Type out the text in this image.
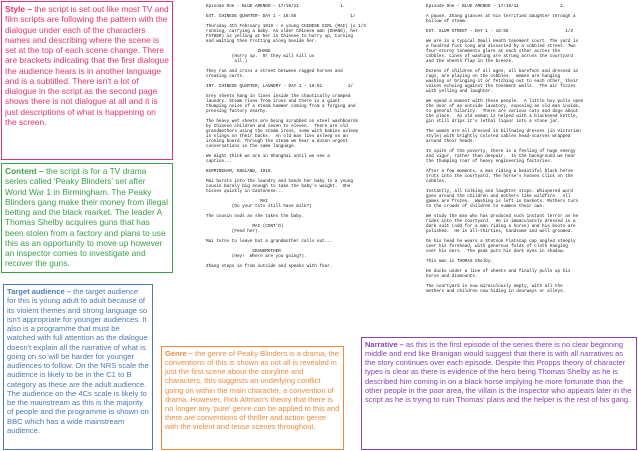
Episode One - BLUE AMENDO - 17/10/11                1.
EXT. CHINESE QUARTER- DAY 1 - 16:55                     1/

Thursday 4th February 1919 - A young CHINESE GIRL (MAI) (c 1/3
running, carrying a baby. An older Chinese man (ZHANG), her
FATHER) is yelling at her in Chinese to hurry up, turning
and waiting then trotting along beside her.

ZHANG
(Hurry up.  Or they will kill us
all.)

They run and cross a street between ragged horses and
creaking carts.

INT. CHINESE QUARTER, LAUNDRY - DAY 1 - 16:51          1/

Grey sheets hang in lines inside the chaotically cramped
laundry. Steam rises from irons and there is a giant
thumping noise of a steam hammer coming from a forging and
pressing factory nearby.

The heavy wet sheets are being scrubbed on steel washboards
by Chinese children and seven to eleven.  There are old
grandmothers using the steam irons, some with babies asleep
in slings on their backs.  An old man lies asleep on an
ironing board. Through the steam we hear a dozen urgent
conversations in the same language.

We might think we are in Shanghai until we see a
caption...

BIRMINGHAM, ENGLAND, 1919.

Mai bursts into the laundry and hands her baby to a young
cousin barely big enough to take the baby's weight.  She
hisses quickly in Cantonese...

MAI
(Do your tits still have milk?)

The cousin nods as she takes the baby.

MAI (CONT'D)
(Feed her).

Mai turns to leave but a grandmother calls out...

GRANDMOTHER
(Hey!  Where are you going?).

Zhang steps in from outside and speaks with fear.
Episode One - BLUE AMENDO - 17/10/11                2.
A pause. Zhang glances at his terrified daughter through a
billow of steam.

EXT. SLUM STREET - DAY 1 - 16:55                      1/3

We are in a typical Small Heath tenement court. The yard is
a hundred foot long and dissected by a cobbled street. Two
four-storey tenements glare at each other across the
cobbles. Lines of washing are strung across the courtyard
and the sheets flap in the breeze.

Dozens of children of all ages, all barefoot and dressed in
rags, are playing on the cobbles.  Women are hanging
washing or bringing it or fetching out to each other, their
voices echoing against the tenement walls.  The air fizzes
with yelling and laughter.

We spend a moment with these people.  A little boy pulls open
the door of an outside lavatory, exposing an old man inside,
to general hilarity.  There are various cats and dogs about
the place.  An old woman is helped with a blackened kettle,
gin still drips it's lethal liquor into a stone jar.

The women are all dressed in billowing dresses (in Victorian
style) with brightly colored cables head-scarves wrapped
around their heads.

In spite of the poverty, there is a feeling of huge energy
and vigor, rather than despair.  In the background we hear
the thumping roar of heavy engineering factories.

After a few moments, a man riding a beautiful black horse
trots into the courtyard. The horse's hooves click on the
cobbles.

Instantly, all talking and laughter stops. Whispered word
goes around the children and mothers like wildfire.  All
games are frozen.  Washing is left in baskets. Mothers turn
to the crowds of children to summon their own.

We study the man who has produced such instant terror as he
rides into the courtyard.  He is immaculately dressed in a
dark suit (odd for a man riding a horse) and his boots are
polished.  He is all-thirties, handsome and well groomed.

On his head he wears a Stetson Flatscap cap angled steeply
over his forehead, with generous folds of cloth hanging
over his ears.  The peak puts his dark eyes in shadow.

This man is THOMAS Shelby.

He ducks under a line of sheets and finally pulls up his
horse and dismounts.

The courtyard is now miraculously empty, with all the
mothers and children now hiding in doorways or alleys.
Style – the script is set out like most TV and film scripts are following the pattern with the dialogue under each of the characters names and describing where the scene is set at the top of each scene change. There are brackets indicating that the first dialogue the audience hears is in another language and is a subtitled. There isn't a lot of dialogue in the script as the second page shows there is not dialogue at all and it is just descriptions of what is happening on the screen.
Content – the script is for a TV drama series called 'Peaky Blinders' set after World War 1 in Birmingham. The Peaky Blinders gang make their money from illegal betting and the black market. The leader A Thomas Shelby acquires guns that has been stolen from a factory and plans to use this as an opportunity to move up however an inspector comes to investigate and recover the guns.
Target audience – the target audience for this is young adult to adult because of its violent themes and strong language so isn't appropriate for younger audiences. It also is a programme that must be watched with full attention as the dialogue doesn't explain all the narrative of what is going on so will be harder for younger audiences to follow. On the NRS scale the audience is likely to be in the C1 to B category as these are the adult audience. The audience on the 4Cs scale is likely to be the mainstream as this is the majority of people and the programme is shown on BBC which has a wide mainstream audience.
Genre – the genre of Peaky Blinders is a drama, the conventions of this is shown as not all is revealed in just the first scene about the storyline and characters, this suggests an underlying conflict going on within the main character, a convention of drama. However, Rick Altman's theory that there is no longer any 'pure' genre can be applied to this and there are conventions of thriller and action genre with the violent and tense scenes throughout.
Narrative – as this is the first episode of the series there is no clear beginning middle and end like Branigan would suggest that there is with all narratives as the story continues over each episode. Despite this Propps theory of character types is clear as there is evidence of the hero being Thomas Shelby as he is described him coming in on a black horse implying he more fortunate than the other people in the poor area, the villain is the inspector who appears later in the script as he is trying to ruin Thomas' plans and the helper is the rest of his gang.
